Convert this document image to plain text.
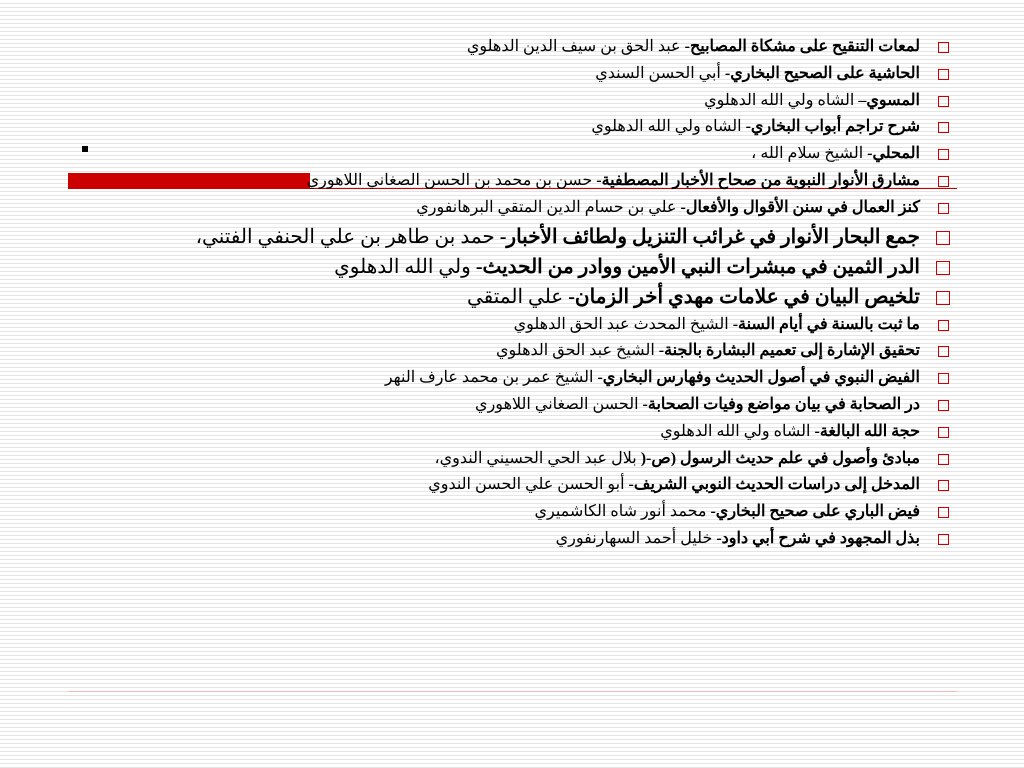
لمعات التنقيح على مشكاة المصابيح- عبد الحق بن سيف الدين الدهلوي
الحاشية على الصحيح البخاري- أبي الحسن السندي
المسوي– الشاه ولي الله الدهلوي
شرح تراجم أبواب البخاري- الشاه ولي الله الدهلوي
المحلي- الشيخ سلام الله ،
مشارق الأنوار النبوية من صحاح الأخبار المصطفية- حسن بن محمد بن الحسن الصغاني اللاهوري
كنز العمال في سنن الأقوال والأفعال- علي بن حسام الدين المتقي البرهانفوري
جمع البحار الأنوار في غرائب التنزيل ولطائف الأخبار- حمد بن طاهر بن علي الحنفي الفتني،
الدر الثمين في مبشرات النبي الأمين ووادر من الحديث- ولي الله الدهلوي
تلخيص البيان في علامات مهدي أخر الزمان- علي المتقي
ما ثبت بالسنة في أيام السنة- الشيخ المحدث عبد الحق الدهلوي
تحقيق الإشارة إلى تعميم البشارة بالجنة- الشيخ عبد الحق الدهلوي
الفيض النبوي في أصول الحديث وفهارس البخاري- الشيخ عمر بن محمد عارف النهر
در الصحابة في بيان مواضع وفيات الصحابة- الحسن الصغاني اللاهوري
حجة الله البالغة- الشاه ولي الله الدهلوي
مبادئ وأصول في علم حديث الرسول (ص-( بلال عبد الحي الحسيني الندوي،
المدخل إلى دراسات الحديث النوبي الشريف- أبو الحسن علي الحسن الندوي
فيض الباري على صحيح البخاري- محمد أنور شاه الكاشميري
بذل المجهود في شرح أبي داود- خليل أحمد السهارنفوري
